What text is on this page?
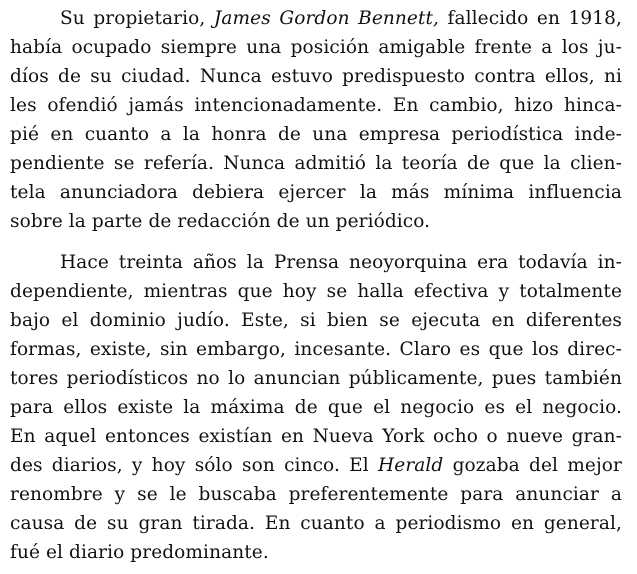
Su propietario, James Gordon Bennett, fallecido en 1918,
había ocupado siempre una posición amigable frente a los ju-
díos de su ciudad. Nunca estuvo predispuesto contra ellos, ni
les ofendió jamás intencionadamente. En cambio, hizo hinca-
pié en cuanto a la honra de una empresa periodística inde-
pendiente se refería. Nunca admitió la teoría de que la clien-
tela anunciadora debiera ejercer la más mínima influencia
sobre la parte de redacción de un periódico.
Hace treinta años la Prensa neoyorquina era todavía in-
dependiente, mientras que hoy se halla efectiva y totalmente
bajo el dominio judío. Este, si bien se ejecuta en diferentes
formas, existe, sin embargo, incesante. Claro es que los direc-
tores periodísticos no lo anuncian públicamente, pues también
para ellos existe la máxima de que el negocio es el negocio.
En aquel entonces existían en Nueva York ocho o nueve gran-
des diarios, y hoy sólo son cinco. El Herald gozaba del mejor
renombre y se le buscaba preferentemente para anunciar a
causa de su gran tirada. En cuanto a periodismo en general,
fué el diario predominante.
